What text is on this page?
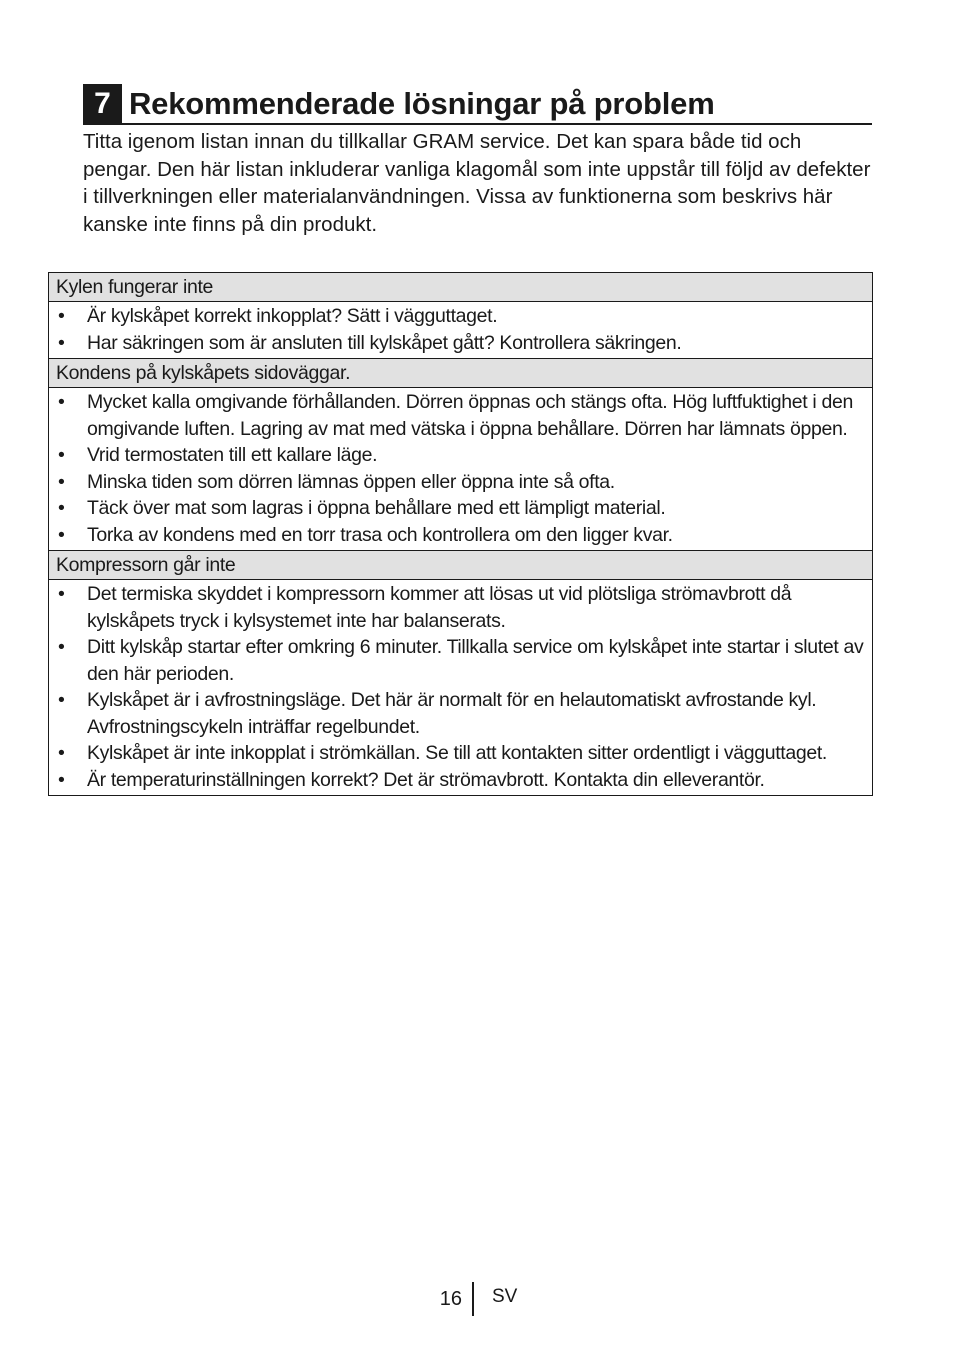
7 Rekommenderade lösningar på problem

Titta igenom listan innan du tillkallar GRAM service. Det kan spara både tid och pengar. Den här listan inkluderar vanliga klagomål som inte uppstår till följd av defekter i tillverkningen eller materialanvändningen. Vissa av funktionerna som beskrivs här kanske inte finns på din produkt.

Kylen fungerar inte

• Är kylskåpet korrekt inkopplat? Sätt i vägguttaget.
• Har säkringen som är ansluten till kylskåpet gått? Kontrollera säkringen.

Kondens på kylskåpets sidoväggar.

• Mycket kalla omgivande förhållanden. Dörren öppnas och stängs ofta. Hög luftfuktighet i den omgivande luften. Lagring av mat med vätska i öppna behållare. Dörren har lämnats öppen.
• Vrid termostaten till ett kallare läge.
• Minska tiden som dörren lämnas öppen eller öppna inte så ofta.
• Täck över mat som lagras i öppna behållare med ett lämpligt material.
• Torka av kondens med en torr trasa och kontrollera om den ligger kvar.

Kompressorn går inte

• Det termiska skyddet i kompressorn kommer att lösas ut vid plötsliga strömavbrott då kylskåpets tryck i kylsystemet inte har balanserats.
• Ditt kylskåp startar efter omkring 6 minuter. Tillkalla service om kylskåpet inte startar i slutet av den här perioden.
• Kylskåpet är i avfrostningsläge. Det här är normalt för en helautomatiskt avfrostande kyl. Avfrostningscykeln inträffar regelbundet.
• Kylskåpet är inte inkopplat i strömkällan. Se till att kontakten sitter ordentligt i vägguttaget.
• Är temperaturinställningen korrekt? Det är strömavbrott. Kontakta din elleverantör.
16 SV
